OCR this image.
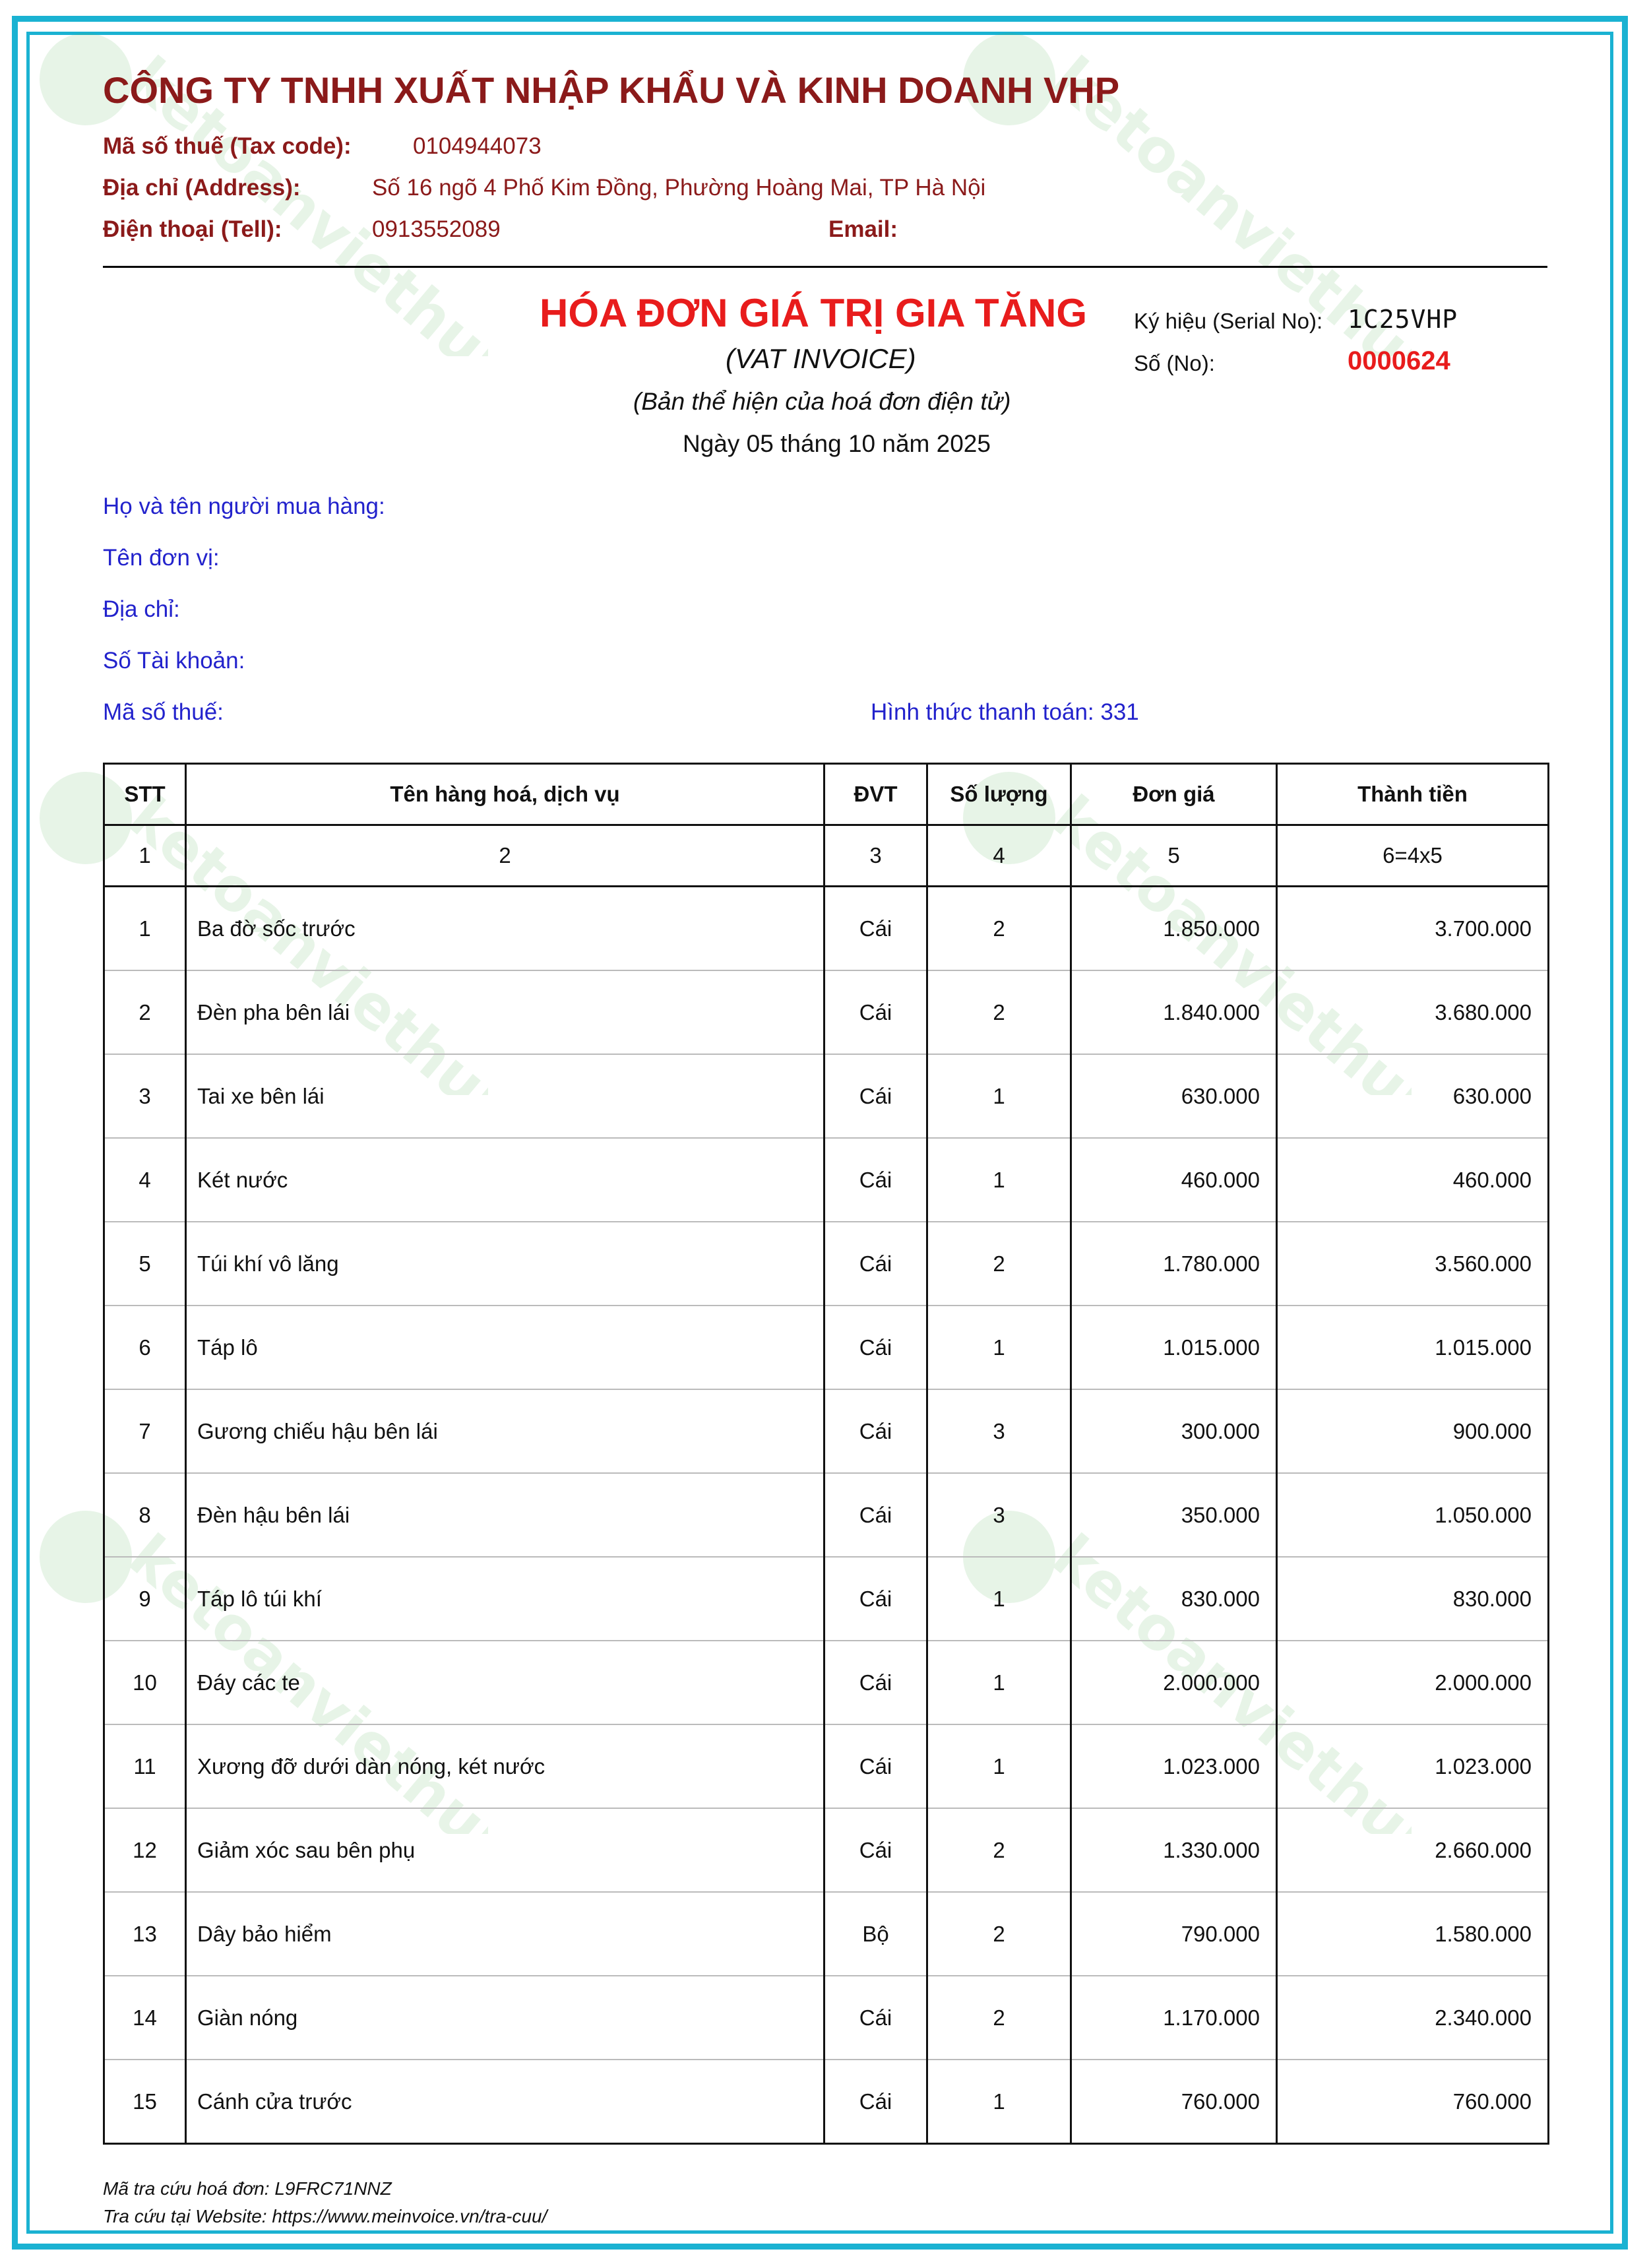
ketoanviethung	ketoanviethung
ketoanviethung	ketoanviethung
ketoanviethung	ketoanviethung
CÔNG TY TNHH XUẤT NHẬP KHẨU VÀ KINH DOANH VHP
Mã số thuế (Tax code):	0104944073
Địa chỉ (Address):	Số 16 ngõ 4 Phố Kim Đồng, Phường Hoàng Mai, TP Hà Nội
Điện thoại (Tell):	0913552089	Email:
HÓA ĐƠN GIÁ TRỊ GIA TĂNG
(VAT INVOICE)
(Bản thể hiện của hoá đơn điện tử)
Ngày 05 tháng 10 năm 2025
Ký hiệu (Serial No): 1C25VHP
Số (No):	0000624
Họ và tên người mua hàng:
Tên đơn vị:
Địa chỉ:
Số Tài khoản:
Mã số thuế:	Hình thức thanh toán: 331
STT	Tên hàng hoá, dịch vụ	ĐVT	Số lượng	Đơn giá	Thành tiền
1	2	3	4	5	6=4x5
1	Ba đờ sốc trước	Cái	2	1.850.000	3.700.000
2	Đèn pha bên lái	Cái	2	1.840.000	3.680.000
3	Tai xe bên lái	Cái	1	630.000	630.000
4	Két nước	Cái	1	460.000	460.000
5	Túi khí vô lăng	Cái	2	1.780.000	3.560.000
6	Táp lô	Cái	1	1.015.000	1.015.000
7	Gương chiếu hậu bên lái	Cái	3	300.000	900.000
8	Đèn hậu bên lái	Cái	3	350.000	1.050.000
9	Táp lô túi khí	Cái	1	830.000	830.000
10	Đáy các te	Cái	1	2.000.000	2.000.000
11	Xương đỡ dưới dàn nóng, két nước	Cái	1	1.023.000	1.023.000
12	Giảm xóc sau bên phụ	Cái	2	1.330.000	2.660.000
13	Dây bảo hiểm	Bộ	2	790.000	1.580.000
14	Giàn nóng	Cái	2	1.170.000	2.340.000
15	Cánh cửa trước	Cái	1	760.000	760.000
Mã tra cứu hoá đơn: L9FRC71NNZ
Tra cứu tại Website: https://www.meinvoice.vn/tra-cuu/
